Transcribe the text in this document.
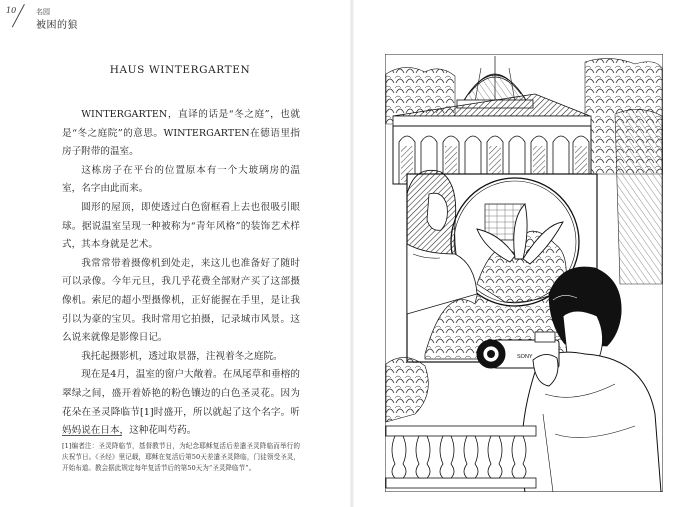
10	名园
被困的狼
HAUS WINTERGARTEN

WINTERGARTEN，直译的话是“冬之庭”，也就是“冬之庭院”的意思。WINTERGARTEN在德语里指房子附带的温室。

这栋房子在平台的位置原本有一个大玻璃房的温室，名字由此而来。

圆形的屋顶，即使透过白色窗框看上去也很吸引眼球。据说温室呈现一种被称为“青年风格”的装饰艺术样式，其本身就是艺术。

我常常带着摄像机到处走，来这儿也准备好了随时可以录像。今年元旦，我几乎花费全部财产买了这部摄像机。索尼的超小型摄像机，正好能握在手里，是让我引以为豪的宝贝。我时常用它拍摄，记录城市风景。这么说来就像是影像日记。

我托起摄影机，透过取景器，注视着冬之庭院。

现在是4月，温室的窗户大敞着。在凤尾草和垂榕的翠绿之间，盛开着娇艳的粉色镶边的白色圣灵花。因为花朵在圣灵降临节[1]时盛开，所以就起了这个名字。听妈妈说在日本，这种花叫芍药。

[1]编者注：圣灵降临节，基督教节日，为纪念耶稣复活后差遣圣灵降临而举行的庆祝节日。《圣经》里记载，耶稣在复活后第50天差遣圣灵降临，门徒领受圣灵，开始布道。教会据此规定每年复活节后的第50天为“圣灵降临节”。
SONY
